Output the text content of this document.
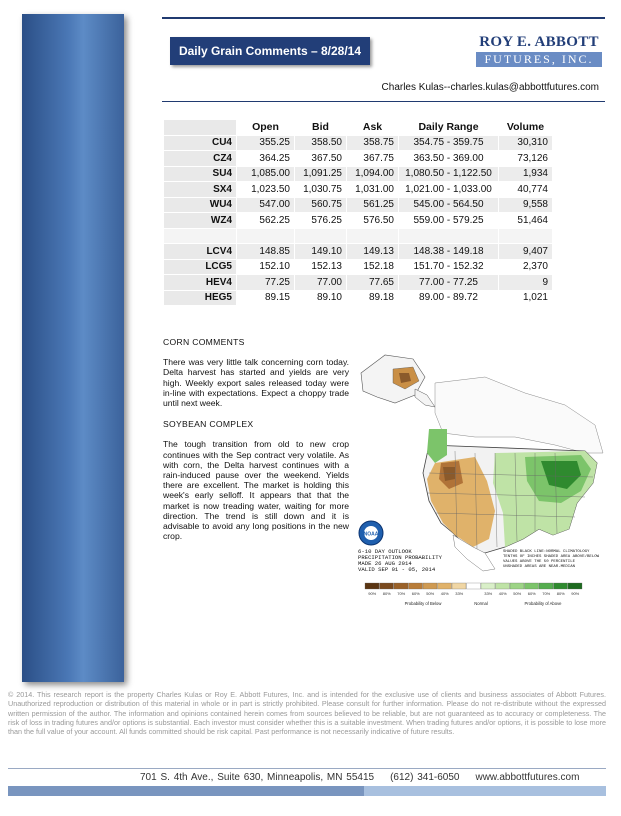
Daily Grain Comments – 8/28/14
ROY E. ABBOTT
FUTURES, INC.
Charles Kulas--charles.kulas@abbottfutures.com
	Open	Bid	Ask	Daily Range	Volume
CU4	355.25	358.50	358.75	354.75 - 359.75	30,310
CZ4	364.25	367.50	367.75	363.50 - 369.00	73,126
SU4	1,085.00	1,091.25	1,094.00	1,080.50 - 1,122.50	1,934
SX4	1,023.50	1,030.75	1,031.00	1,021.00 - 1,033.00	40,774
WU4	547.00	560.75	561.25	545.00 - 564.50	9,558
WZ4	562.25	576.25	576.50	559.00 - 579.25	51,464

LCV4	148.85	149.10	149.13	148.38 - 149.18	9,407
LCG5	152.10	152.13	152.18	151.70 - 152.32	2,370
HEV4	77.25	77.00	77.65	77.00 - 77.25	9
HEG5	89.15	89.10	89.18	89.00 - 89.72	1,021
CORN COMMENTS

There was very little talk concerning corn today. Delta harvest has started and yields are very high. Weekly export sales released today were in-line with expectations. Expect a choppy trade until next week.

SOYBEAN COMPLEX

The tough transition from old to new crop continues with the Sep contract very volatile. As with corn, the Delta harvest continues with a rain-induced pause over the weekend. Yields there are excellent. The market is holding this week's early selloff. It appears that that the market is now treading water, waiting for more direction. The trend is still down and it is advisable to avoid any long positions in the new crop.	NOAA
6-10 DAY OUTLOOK PRECIPITATION PROBABILITY MADE 26 AUG 2014 VALID SEP 01 - 05, 2014
SHADED BLACK LINE:NORMAL CLIMATOLOGY TENTHS OF INCHES SHADED AREA ABOVE/BELOW VALUES ABOVE THE 50 PERCENTILE UNSHADED AREAS ARE NEAR-MEDIAN
90% 80% 70% 60% 50% 40% 33%	33% 40% 50% 60% 70% 80% 90%
Probability of Below	Normal	Probability of Above
© 2014. This research report is the property Charles Kulas or Roy E. Abbott Futures, Inc. and is intended for the exclusive use of clients and business associates of Abbott Futures. Unauthorized reproduction or distribution of this material in whole or in part is strictly prohibited. Please consult for further information. Please do not re-distribute without the expressed written permission of the author. The information and opinions contained herein comes from sources believed to be reliable, but are not guaranteed as to accuracy or completeness. The risk of loss in trading futures and/or options is substantial. Each investor must consider whether this is a suitable investment. When trading futures and/or options, it is possible to lose more than the full value of your account. All funds committed should be risk capital. Past performance is not necessarily indicative of future results.
701 S. 4th Ave., Suite 630, Minneapolis, MN 55415 (612) 341-6050 www.abbottfutures.com
